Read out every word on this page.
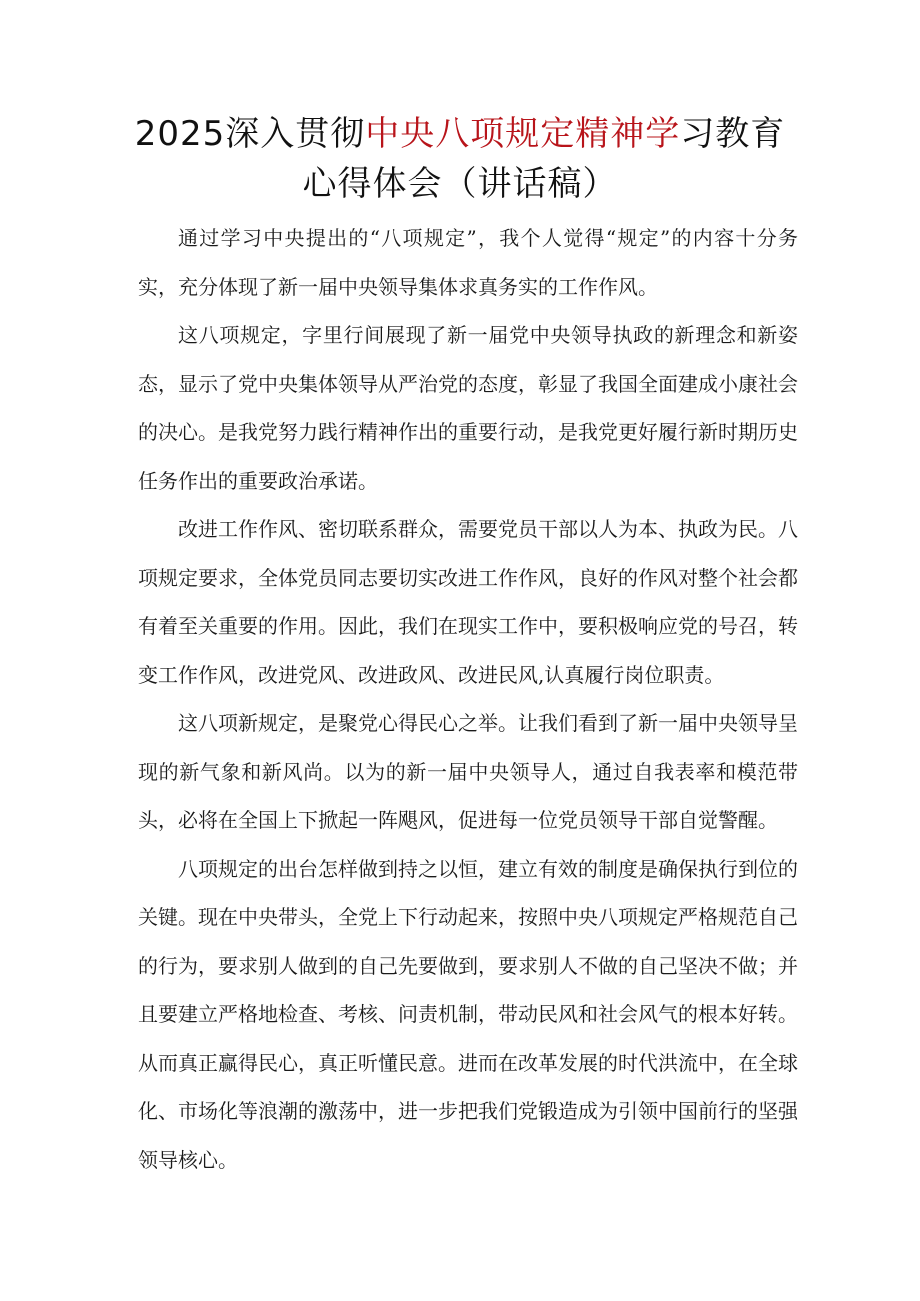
2025深入贯彻中央八项规定精神学习教育
心得体会（讲话稿）

通过学习中央提出的“八项规定”，我个人觉得“规定”的内容十分务实，充分体现了新一届中央领导集体求真务实的工作作风。

这八项规定，字里行间展现了新一届党中央领导执政的新理念和新姿态，显示了党中央集体领导从严治党的态度，彰显了我国全面建成小康社会的决心。是我党努力践行精神作出的重要行动，是我党更好履行新时期历史任务作出的重要政治承诺。

改进工作作风、密切联系群众，需要党员干部以人为本、执政为民。八项规定要求，全体党员同志要切实改进工作作风，良好的作风对整个社会都有着至关重要的作用。因此，我们在现实工作中，要积极响应党的号召，转变工作作风，改进党风、改进政风、改进民风,认真履行岗位职责。

这八项新规定，是聚党心得民心之举。让我们看到了新一届中央领导呈现的新气象和新风尚。以为的新一届中央领导人，通过自我表率和模范带头，必将在全国上下掀起一阵飓风，促进每一位党员领导干部自觉警醒。

八项规定的出台怎样做到持之以恒，建立有效的制度是确保执行到位的关键。现在中央带头，全党上下行动起来，按照中央八项规定严格规范自己的行为，要求别人做到的自己先要做到，要求别人不做的自己坚决不做；并且要建立严格地检查、考核、问责机制，带动民风和社会风气的根本好转。从而真正赢得民心，真正听懂民意。进而在改革发展的时代洪流中，在全球化、市场化等浪潮的激荡中，进一步把我们党锻造成为引领中国前行的坚强领导核心。
